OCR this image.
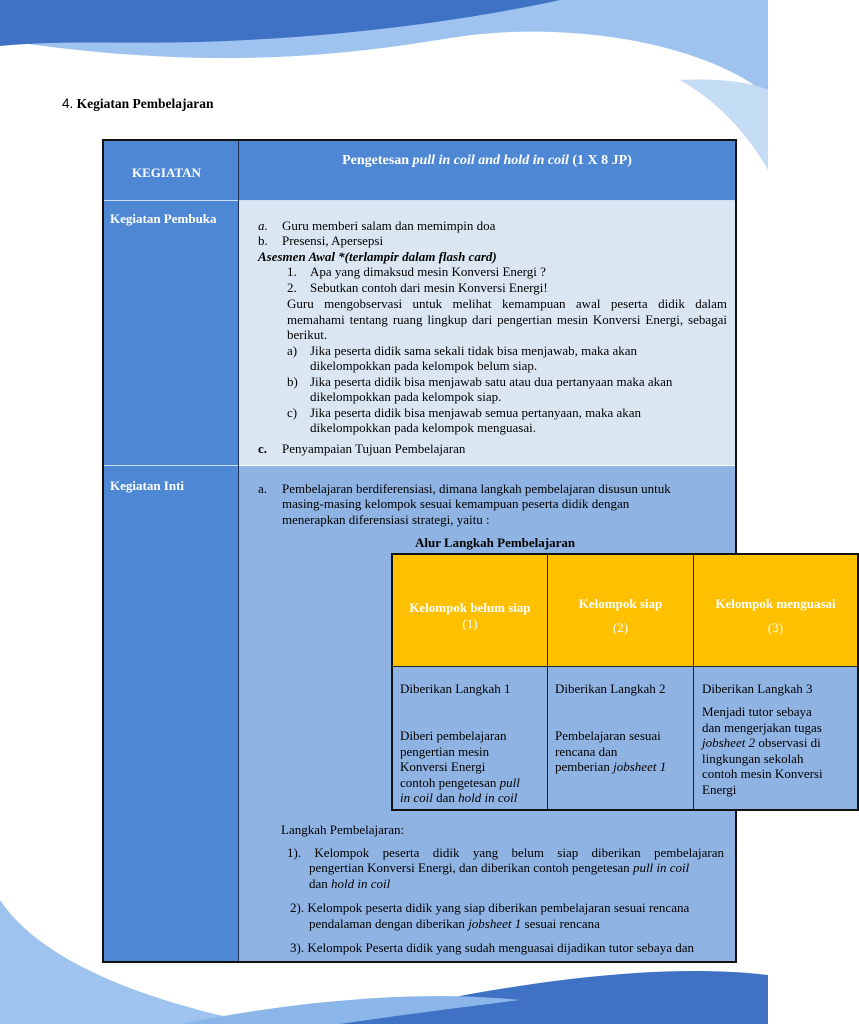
4. Kegiatan Pembelajaran
KEGIATAN
Kegiatan Pembuka
Kegiatan Inti
Pengetesan pull in coil and hold in coil (1 X 8 JP)
a. Guru memberi salam dan memimpin doa
b. Presensi, Apersepsi
Asesmen Awal *(terlampir dalam flash card)
1. Apa yang dimaksud mesin Konversi Energi ?
2. Sebutkan contoh dari mesin Konversi Energi!
Guru mengobservasi untuk melihat kemampuan awal peserta didik dalam memahami tentang ruang lingkup dari pengertian mesin Konversi Energi, sebagai berikut.
a) Jika peserta didik sama sekali tidak bisa menjawab, maka akan
dikelompokkan pada kelompok belum siap.
b) Jika peserta didik bisa menjawab satu atau dua pertanyaan maka akan
dikelompokkan pada kelompok siap.
c) Jika peserta didik bisa menjawab semua pertanyaan, maka akan
dikelompokkan pada kelompok menguasai.
c. Penyampaian Tujuan Pembelajaran
a. Pembelajaran berdiferensiasi, dimana langkah pembelajaran disusun untuk
masing-masing kelompok sesuai kemampuan peserta didik dengan
menerapkan diferensiasi strategi, yaitu :
Alur Langkah Pembelajaran
Kelompok belum siap
(1)
Kelompok siap
(2)
Kelompok menguasai
(3)
Diberikan Langkah 1	Diberikan Langkah 2	Diberikan Langkah 3
Diberi pembelajaran
pengertian mesin
Konversi Energi
contoh pengetesan pull
in coil dan hold in coil
Pembelajaran sesuai
rencana dan
pemberian jobsheet 1
Menjadi tutor sebaya
dan mengerjakan tugas
jobsheet 2 observasi di
lingkungan sekolah
contoh mesin Konversi
Energi
Langkah Pembelajaran:
1). Kelompok peserta didik yang belum siap diberikan pembelajaran
pengertian Konversi Energi, dan diberikan contoh pengetesan pull in coil
dan hold in coil
2). Kelompok peserta didik yang siap diberikan pembelajaran sesuai rencana
pendalaman dengan diberikan jobsheet 1 sesuai rencana
3). Kelompok Peserta didik yang sudah menguasai dijadikan tutor sebaya dan
